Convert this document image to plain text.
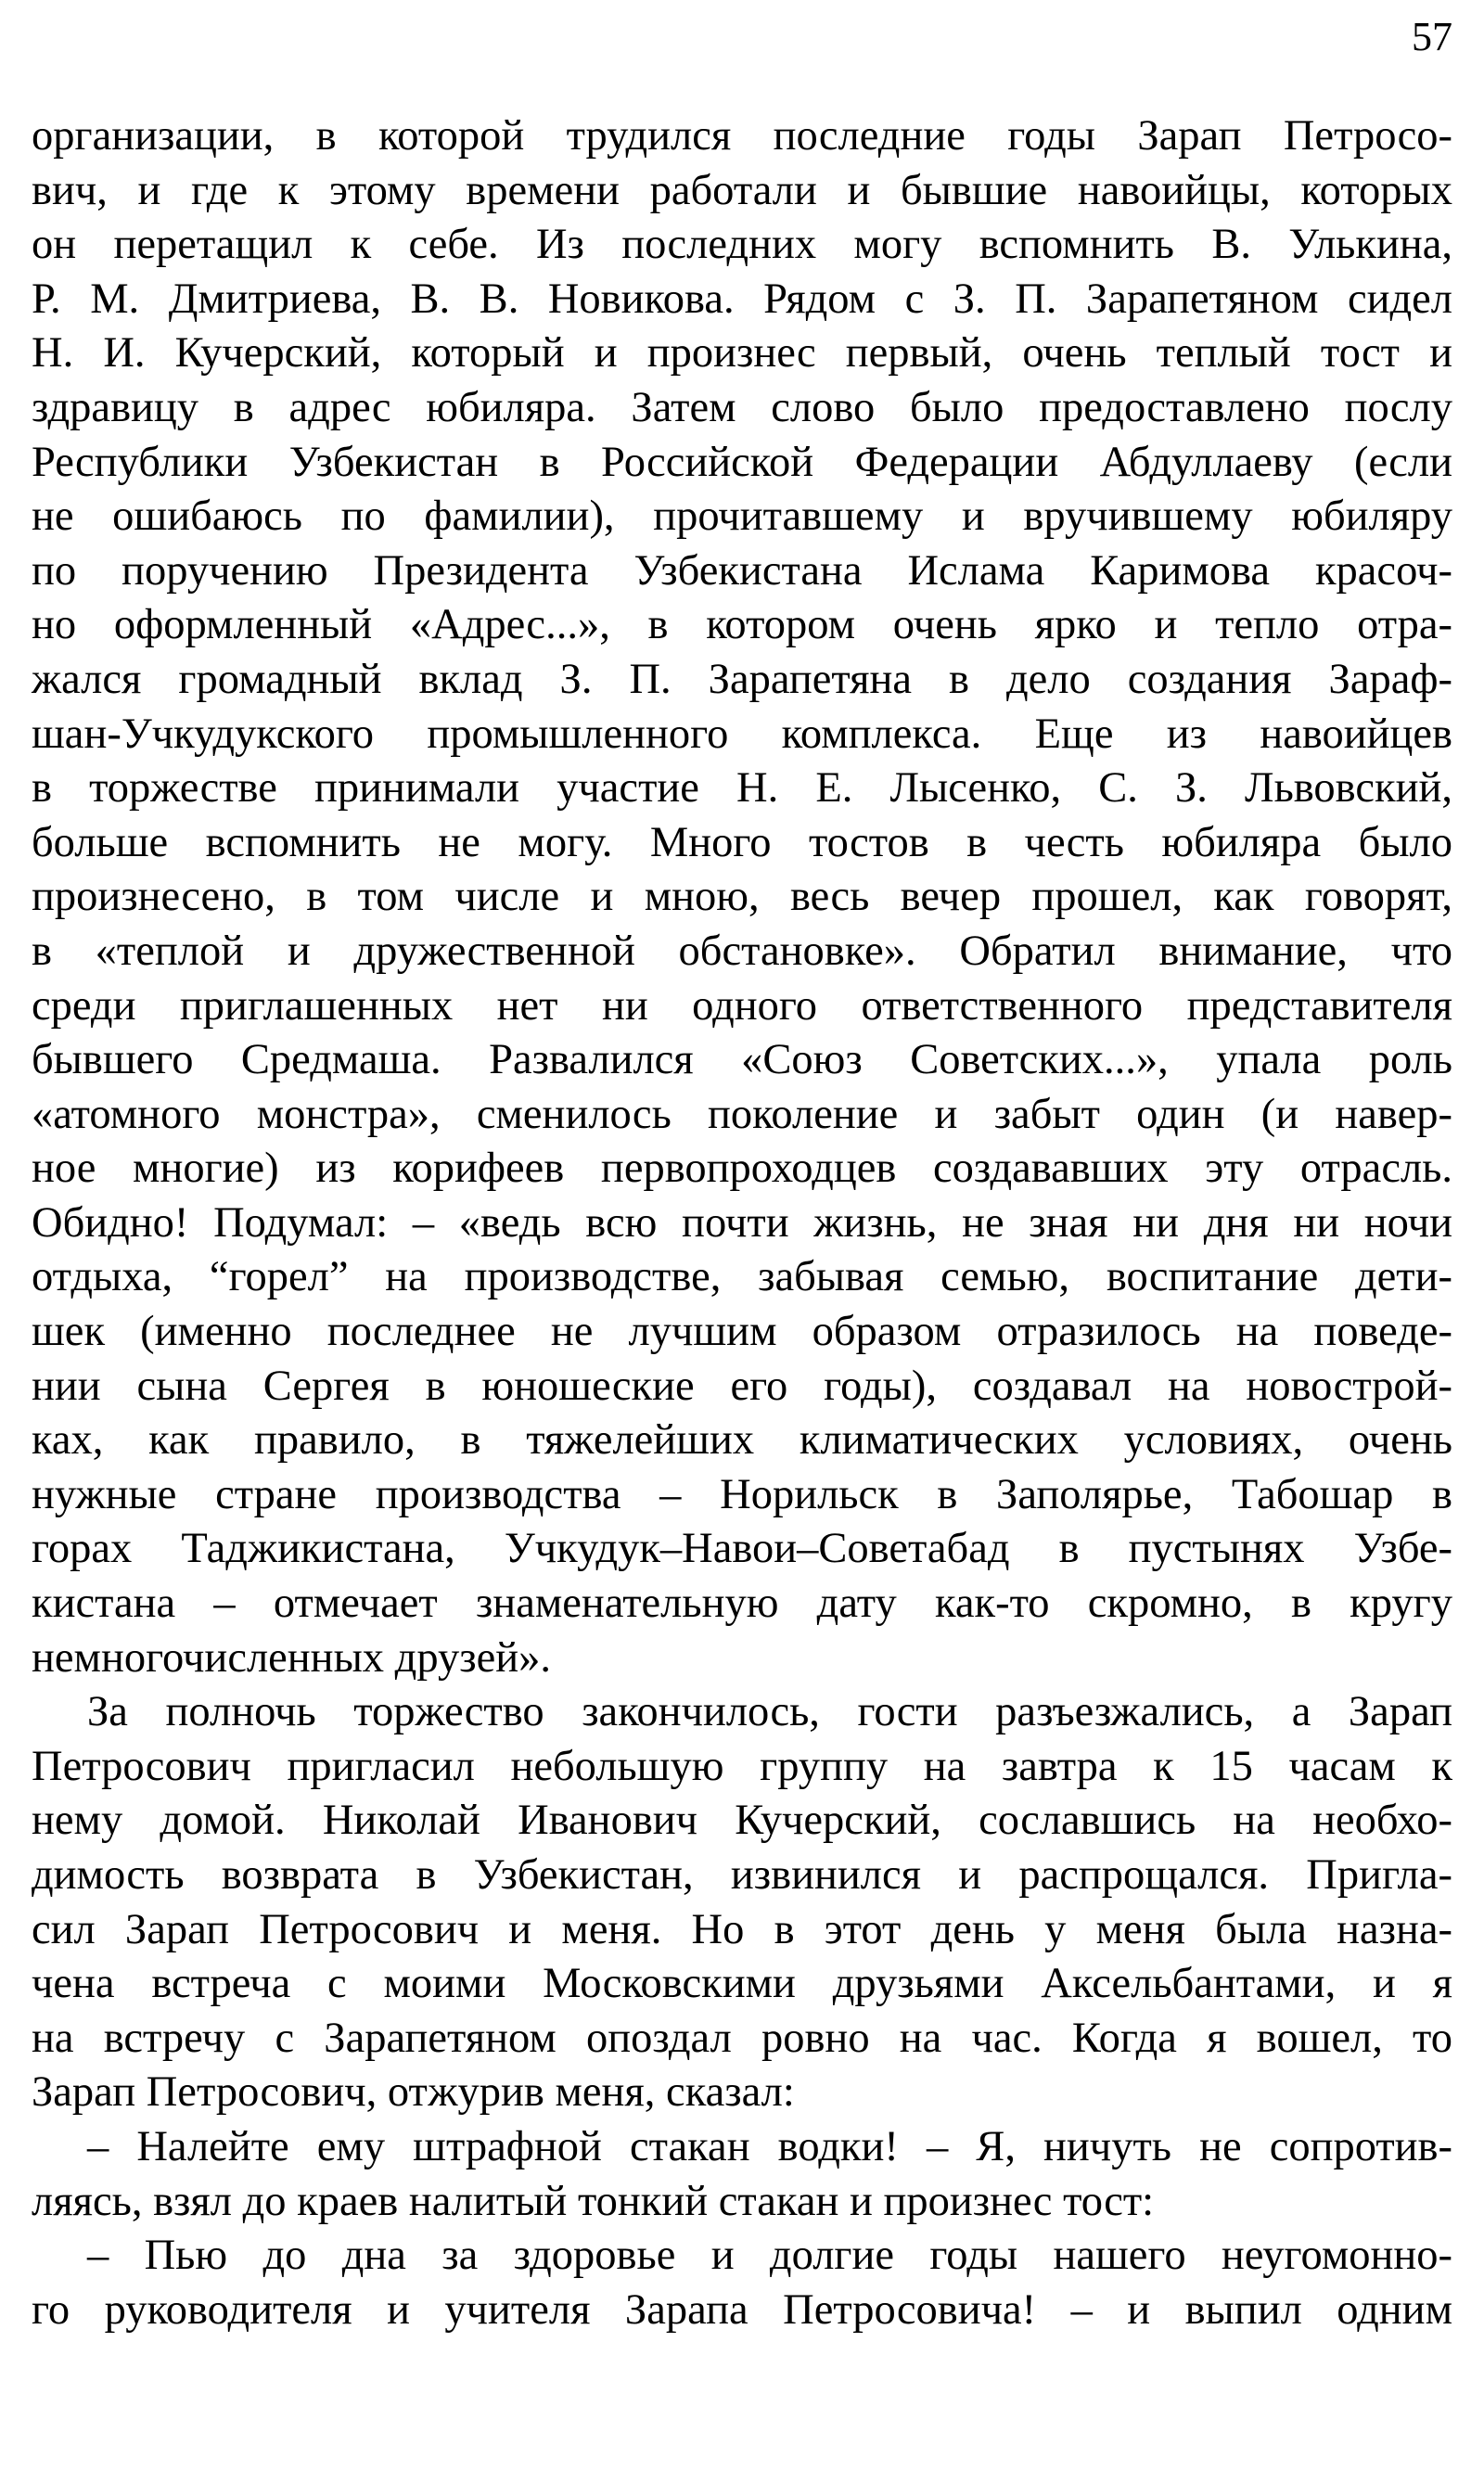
57
организации, в которой трудился последние годы Зарап Петросо-
вич, и где к этому времени работали и бывшие навоийцы, которых
он перетащил к себе. Из последних могу вспомнить В. Улькина,
Р. М. Дмитриева, В. В. Новикова. Рядом с З. П. Зарапетяном сидел
Н. И. Кучерский, который и произнес первый, очень теплый тост и
здравицу в адрес юбиляра. Затем слово было предоставлено послу
Республики Узбекистан в Российской Федерации Абдуллаеву (если
не ошибаюсь по фамилии), прочитавшему и вручившему юбиляру
по поручению Президента Узбекистана Ислама Каримова красоч-
но оформленный «Адрес...», в котором очень ярко и тепло отра-
жался громадный вклад З. П. Зарапетяна в дело создания Зараф-
шан-Учкудукского промышленного комплекса. Еще из навоийцев
в торжестве принимали участие Н. Е. Лысенко, С. З. Львовский,
больше вспомнить не могу. Много тостов в честь юбиляра было
произнесено, в том числе и мною, весь вечер прошел, как говорят,
в «теплой и дружественной обстановке». Обратил внимание, что
среди приглашенных нет ни одного ответственного представителя
бывшего Средмаша. Развалился «Союз Советских...», упала роль
«атомного монстра», сменилось поколение и забыт один (и навер-
ное многие) из корифеев первопроходцев создававших эту отрасль.
Обидно! Подумал: – «ведь всю почти жизнь, не зная ни дня ни ночи
отдыха, “горел” на производстве, забывая семью, воспитание дети-
шек (именно последнее не лучшим образом отразилось на поведе-
нии сына Сергея в юношеские его годы), создавал на новострой-
ках, как правило, в тяжелейших климатических условиях, очень
нужные стране производства – Норильск в Заполярье, Табошар в
горах Таджикистана, Учкудук–Навои–Советабад в пустынях Узбе-
кистана – отмечает знаменательную дату как-то скромно, в кругу
немногочисленных друзей».
За полночь торжество закончилось, гости разъезжались, а Зарап
Петросович пригласил небольшую группу на завтра к 15 часам к
нему домой. Николай Иванович Кучерский, сославшись на необхо-
димость возврата в Узбекистан, извинился и распрощался. Пригла-
сил Зарап Петросович и меня. Но в этот день у меня была назна-
чена встреча с моими Московскими друзьями Аксельбантами, и я
на встречу с Зарапетяном опоздал ровно на час. Когда я вошел, то
Зарап Петросович, отжурив меня, сказал:
– Налейте ему штрафной стакан водки! – Я, ничуть не сопротив-
ляясь, взял до краев налитый тонкий стакан и произнес тост:
– Пью до дна за здоровье и долгие годы нашего неугомонно-
го руководителя и учителя Зарапа Петросовича! – и выпил одним
